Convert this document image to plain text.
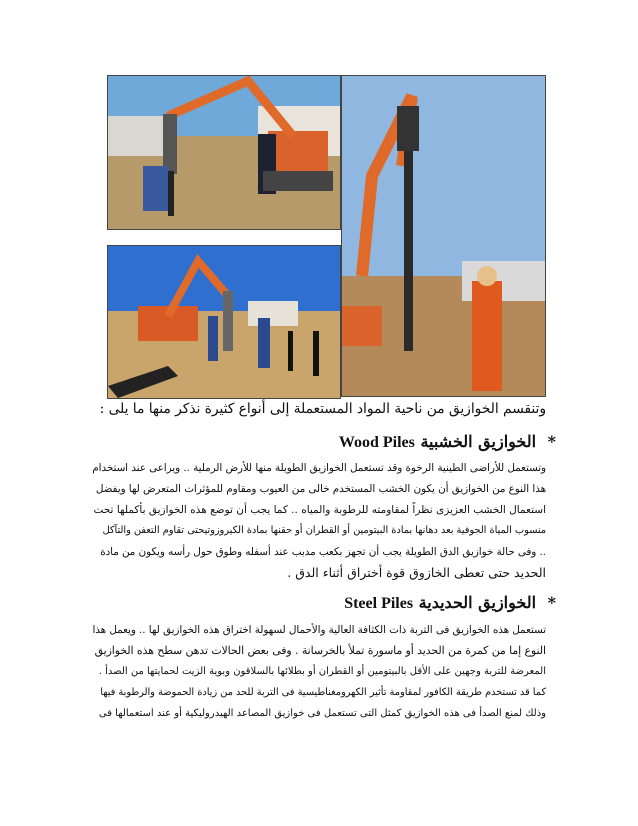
وتنقسم الخوازيق من ناحية المواد المستعملة إلى أنواع كثيرة نذكر منها ما يلى :
* الخوازيق الخشبية Wood Piles
وتستعمل للأراضى الطينية الرخوة وقد تستعمل الخوازيق الطويلة منها للأرض الرملية .. ويراعى عند استخدام
هذا النوع من الخوازيق أن يكون الخشب المستخدم خالى من العيوب ومقاوم للمؤثرات المتعرض لها ويفضل
استعمال الخشب العزيزى نظراً لمقاومته للرطوبة والمياه .. كما يجب أن توضع هذه الخوازيق بأكملها تحت
منسوب المياة الجوفية بعد دهانها بمادة البيتومين أو القطران أو حقنها بمادة الكيروزوتيحتى تقاوم التعفن والتآكل
.. وفى حالة خوازيق الدق الطويلة يجب أن تجهز بكعب مدبب عند أسفله وطوق حول رأسه ويكون من مادة
الحديد حتى تعطى الخازوق قوة أختراق أثناء الدق .
* الخوازيق الحديدية Steel Piles
تستعمل هذه الخوازيق فى التربة ذات الكثافة العالية والأحمال لسهولة اختراق هذه الخوازيق لها .. ويعمل هذا
النوع إما من كمرة من الحديد أو ماسورة تملأ بالخرسانة . وفى بعض الحالات تدهن سطح هذه الخوازيق
المعرضة للتربة وجهين على الأقل بالبيتومين أو القطران أو بطلائها بالسلاقون وبوية الزيت لحمايتها من الصدأ .
كما قد تستخدم طريقة الكافور لمقاومة تأثير الكهرومغناطيسية فى التربة للحد من زيادة الحموضة والرطوبة فيها
وذلك لمنع الصدأ فى هذه الخوازيق كمثل التى تستعمل فى خوازيق المصاعد الهيدروليكية أو عند استعمالها فى
